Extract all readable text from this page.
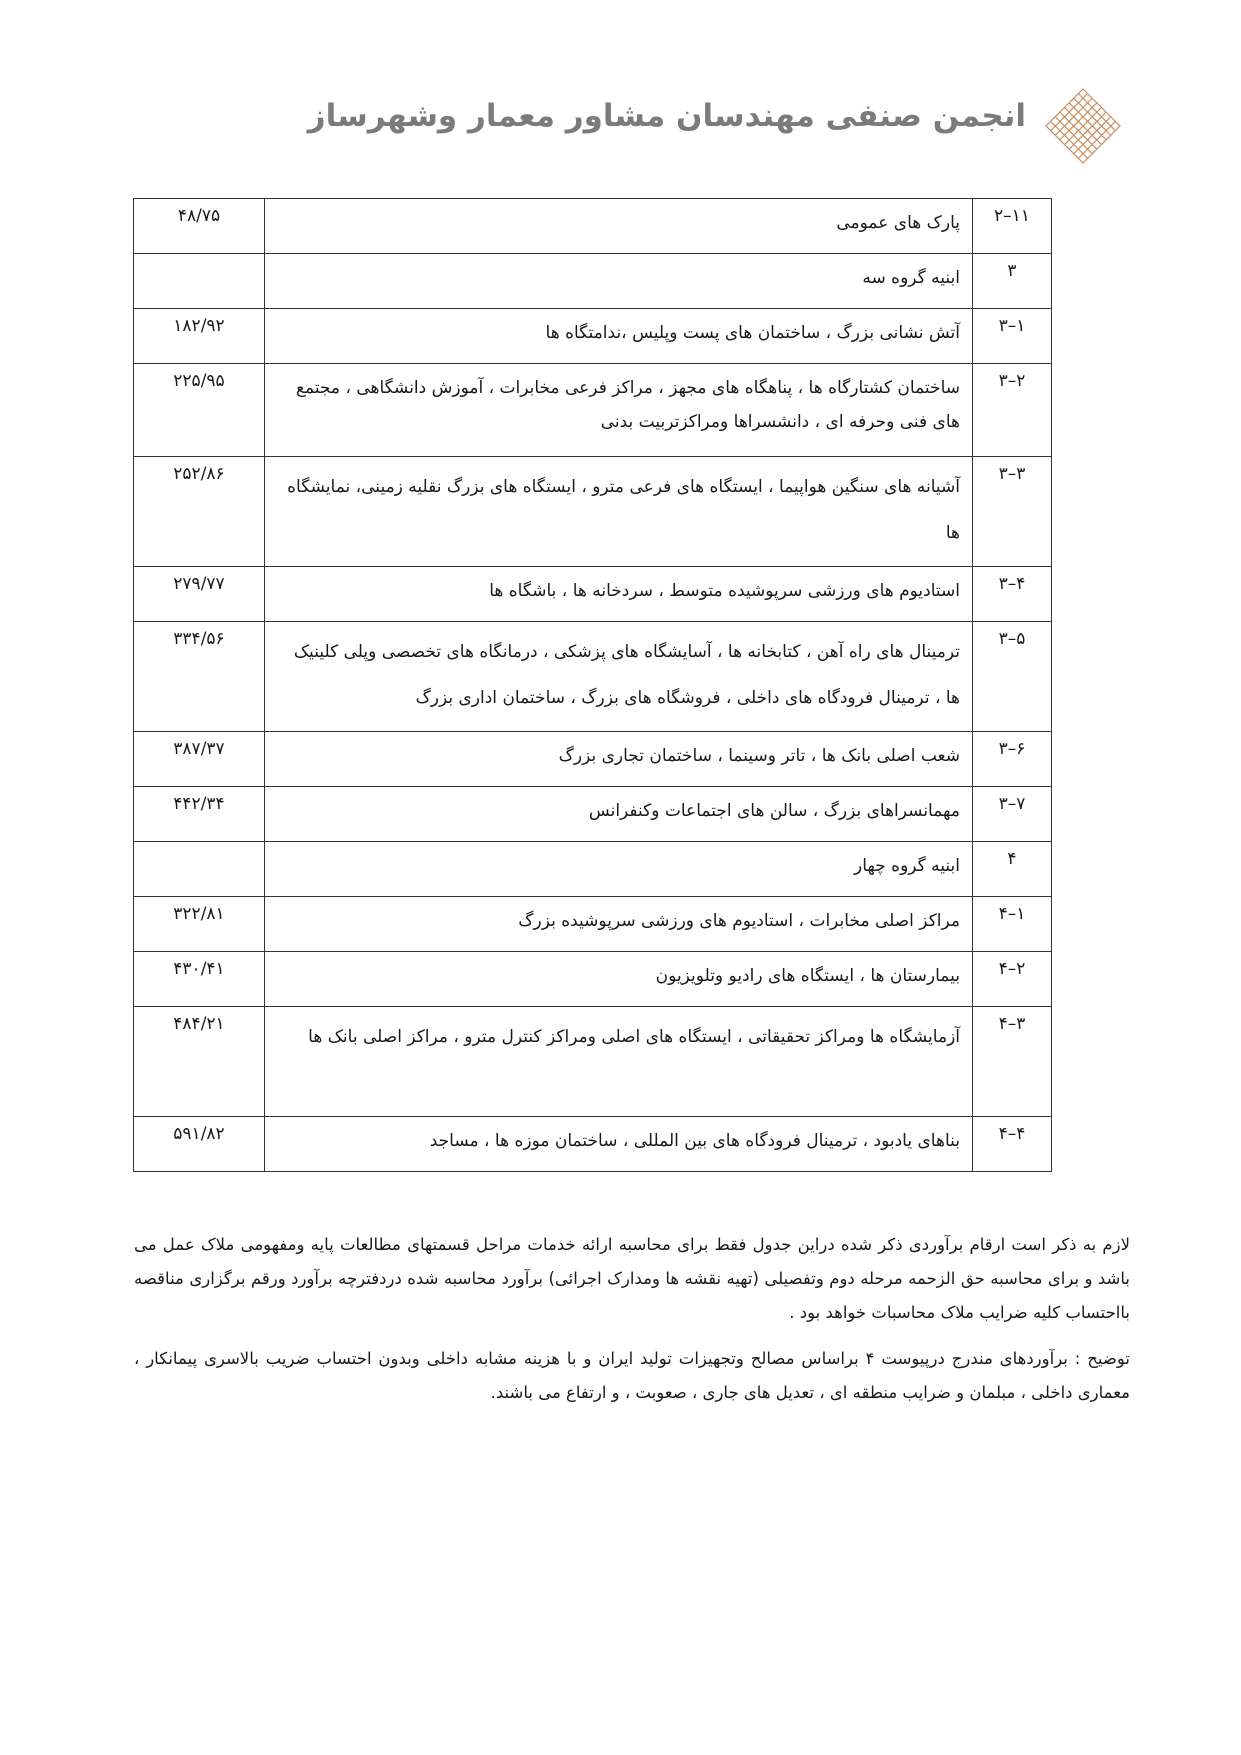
انجمن صنفی مهندسان مشاور معمار وشهرساز
۲–۱۱	پارک های عمومی	۴۸/۷۵
۳	ابنیه گروه سه	
۳–۱	آتش نشانی بزرگ ، ساختمان های پست وپلیس ،ندامتگاه ها	۱۸۲/۹۲
۳–۲	ساختمان کشتارگاه ها ، پناهگاه های مجهز ، مراکز فرعی مخابرات ، آموزش دانشگاهی ، مجتمع های فنی وحرفه ای ، دانشسراها ومراکزتربیت بدنی	۲۲۵/۹۵
۳–۳	آشیانه های سنگین هواپیما ، ایستگاه های فرعی مترو ، ایستگاه های بزرگ نقلیه زمینی، نمایشگاه ها	۲۵۲/۸۶
۳–۴	استادیوم های ورزشی سرپوشیده متوسط ، سردخانه ها ، باشگاه ها	۲۷۹/۷۷
۳–۵	ترمینال های راه آهن ، کتابخانه ها ، آسایشگاه های پزشکی ، درمانگاه های تخصصی وپلی کلینیک ها ، ترمینال فرودگاه های داخلی ، فروشگاه های بزرگ ، ساختمان اداری بزرگ	۳۳۴/۵۶
۳–۶	شعب اصلی بانک ها ، تاتر وسینما ، ساختمان تجاری بزرگ	۳۸۷/۳۷
۳–۷	مهمانسراهای بزرگ ، سالن های اجتماعات وکنفرانس	۴۴۲/۳۴
۴	ابنیه گروه چهار	
۴–۱	مراکز اصلی مخابرات ، استادیوم های ورزشی سرپوشیده بزرگ	۳۲۲/۸۱
۴–۲	بیمارستان ها ، ایستگاه های رادیو وتلویزیون	۴۳۰/۴۱
۴–۳	آزمایشگاه ها ومراکز تحقیقاتی ، ایستگاه های اصلی ومراکز کنترل مترو ، مراکز اصلی بانک ها	۴۸۴/۲۱
۴–۴	بناهای یادبود ، ترمینال فرودگاه های بین المللی ، ساختمان موزه ها ، مساجد	۵۹۱/۸۲

لازم به ذکر است ارقام برآوردی ذکر شده دراین جدول فقط برای محاسبه ارائه خدمات مراحل قسمتهای مطالعات پایه ومفهومی ملاک عمل می باشد و برای محاسبه حق الزحمه مرحله دوم وتفصیلی (تهیه نقشه ها ومدارک اجرائی) برآورد محاسبه شده دردفترچه برآورد ورقم برگزاری مناقصه بااحتساب کلیه ضرایب ملاک محاسبات خواهد بود .

توضیح : برآوردهای مندرج درپیوست ۴ براساس مصالح وتجهیزات تولید ایران و با هزینه مشابه داخلی وبدون احتساب ضریب بالاسری پیمانکار ، معماری داخلی ، مبلمان و ضرایب منطقه ای ، تعدیل های جاری ، صعوبت ، و ارتفاع می باشند.
